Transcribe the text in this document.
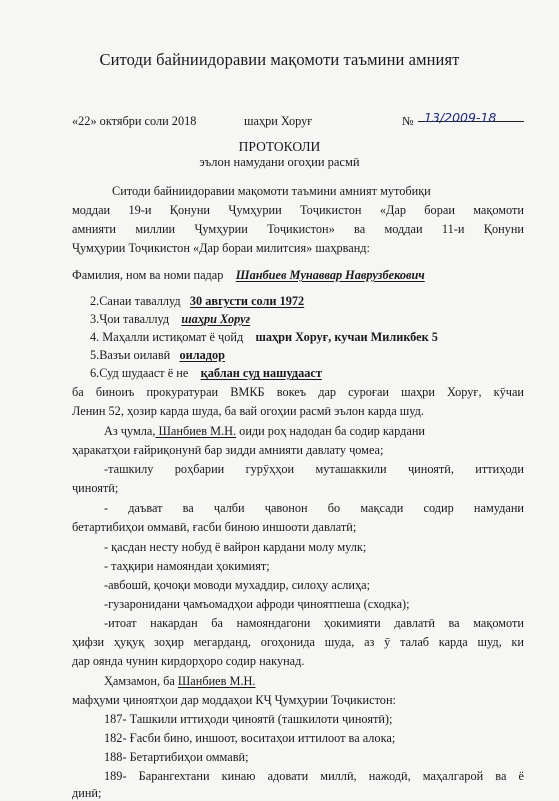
Ситоди байниидоравии мақомоти таъмини амният
«22» октябри соли 2018	шаҳри Хоруғ	№ 13/2009-18
ПРОТОКОЛИ
эълон намудани огоҳии расмӣ
Ситоди байниидоравии мақомоти таъмини амният мутобиқи
моддаи 19-и Қонуни Ҷумҳурии Тоҷикистон «Дар бораи мақомоти
амнияти миллии Ҷумҳурии Тоҷикистон» ва моддаи 11-и Қонуни
Ҷумҳурии Тоҷикистон «Дар бораи милитсия» шаҳрванд:
Фамилия, ном ва номи падар Шанбиев Мунаввар Наврузбекович
2.Санаи таваллуд 30 августи соли 1972
3.Ҷои таваллуд шаҳри Хоруғ
4. Маҳалли истиқомат ё ҷойд шаҳри Хоруғ, кучаи Миликбек 5
5.Вазъи оилавӣ оиладор
6.Суд шудааст ё не қаблан суд нашудааст
ба биноиъ прокуратураи ВМКБ вокеъ дар суроғаи шаҳри Хоруғ, кӯчаи
Ленин 52, ҳозир карда шуда, ба вай огоҳии расмӣ эълон карда шуд.
Аз ҷумла, Шанбиев М.Н. оиди роҳ надодан ба содир кардани
ҳаракатҳои ғайриқонунӣ бар зидди амнияти давлату ҷомеа;
-ташкилу роҳбарии гурӯҳҳои муташаккили ҷиноятӣ, иттиҳоди
ҷиноятӣ;
- даъват ва ҷалби ҷавонон бо мақсади содир намудани
бетартибиҳои оммавӣ, ғасби биною иншооти давлатӣ;
- қасдан несту нобуд ё вайрон кардани молу мулк;
- таҳқири намояндаи ҳокимият;
-авбошӣ, қочоқи моводи мухаддир, силоҳу аслиҳа;
-гузаронидани ҷамъомадҳои афроди ҷиноятпеша (сходка);
-итоат накардан ба намояндагони ҳокимияти давлатӣ ва мақомоти
ҳифзи ҳуқуқ зоҳир мегарданд, огоҳонида шуда, аз ӯ талаб карда шуд, ки
дар оянда чунин кирдорҳоро содир накунад.
Ҳамзамон, ба Шанбиев М.Н.
мафҳуми ҷиноятҳои дар моддаҳои КҶ Ҷумҳурии Тоҷикистон:
187- Ташкили иттиҳоди ҷиноятӣ (ташкилоти ҷиноятӣ);
182- Ғасби бино, иншоот, воситаҳои иттилоот ва алока;
188- Бетартибиҳои оммавӣ;
189- Барангехтани кинаю адовати миллӣ, нажодӣ, маҳалгарой ва ё
динӣ;
